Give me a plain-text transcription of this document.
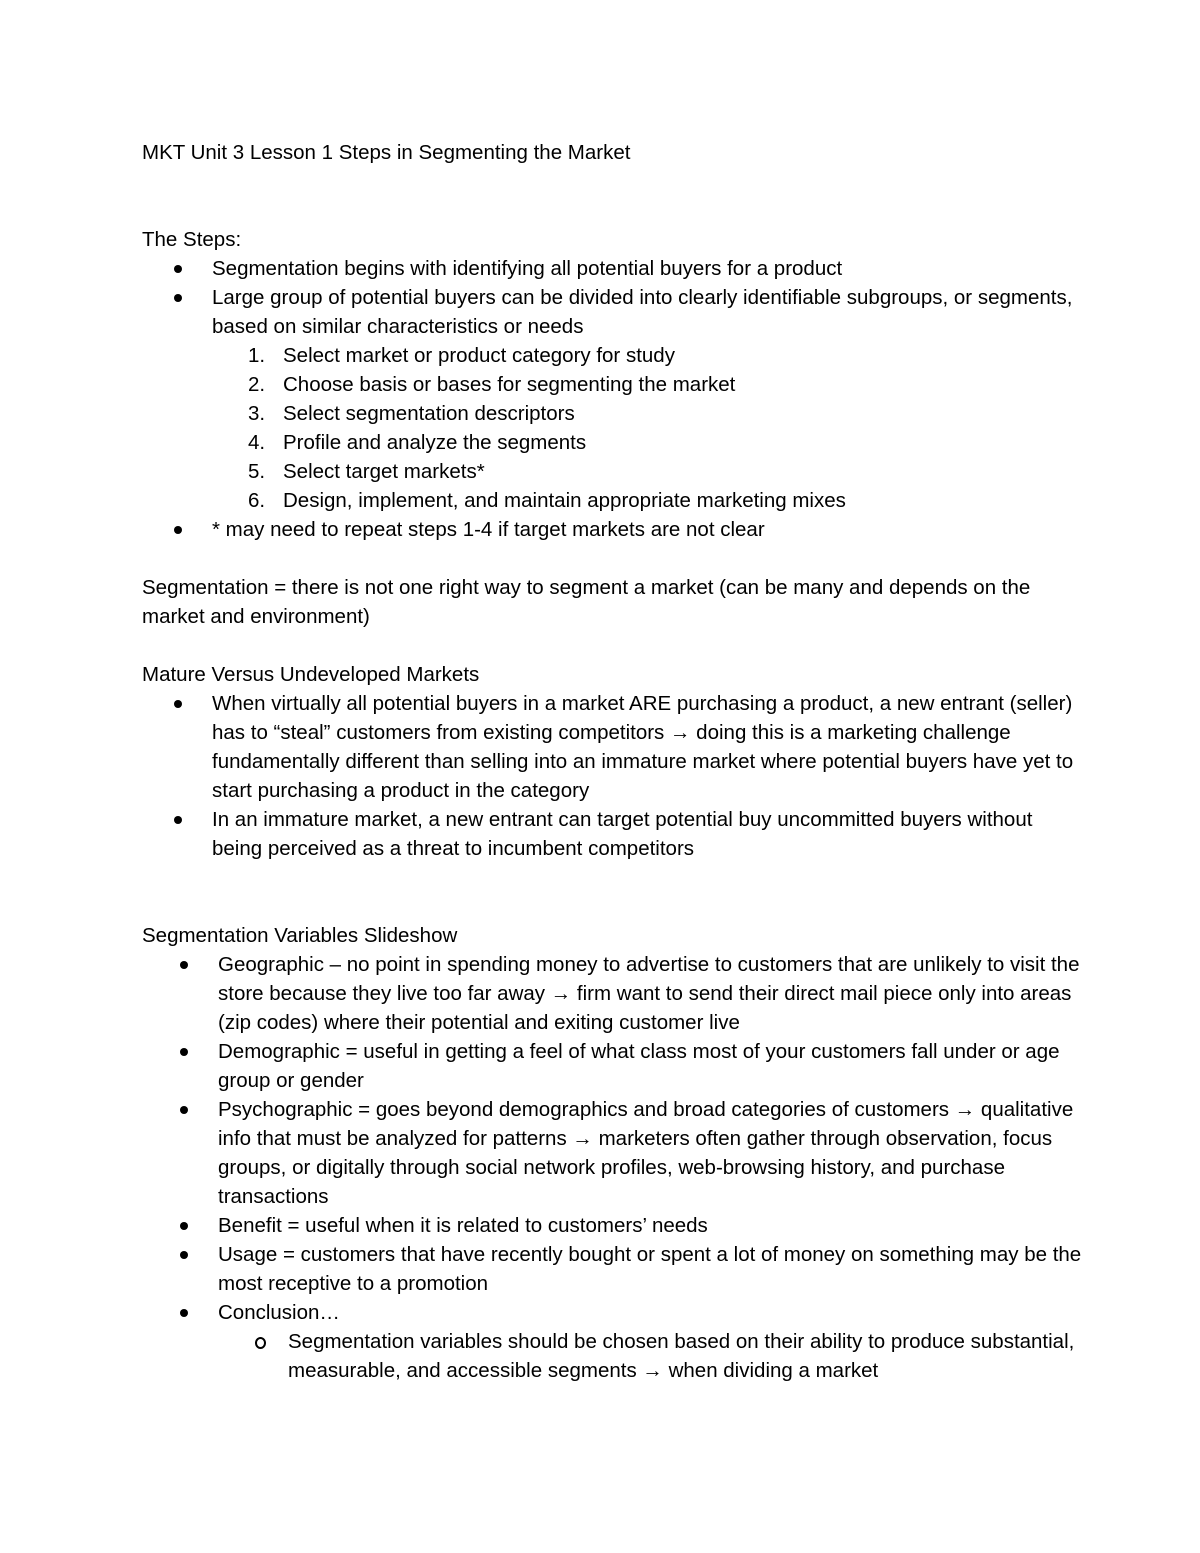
MKT Unit 3 Lesson 1 Steps in Segmenting the Market

The Steps:

Segmentation begins with identifying all potential buyers for a product
Large group of potential buyers can be divided into clearly identifiable subgroups, or segments, based on similar characteristics or needs
1. Select market or product category for study
2. Choose basis or bases for segmenting the market
3. Select segmentation descriptors
4. Profile and analyze the segments
5. Select target markets*
6. Design, implement, and maintain appropriate marketing mixes
* may need to repeat steps 1-4 if target markets are not clear

Segmentation = there is not one right way to segment a market (can be many and depends on the market and environment)

Mature Versus Undeveloped Markets

When virtually all potential buyers in a market ARE purchasing a product, a new entrant (seller) has to “steal” customers from existing competitors → doing this is a marketing challenge fundamentally different than selling into an immature market where potential buyers have yet to start purchasing a product in the category
In an immature market, a new entrant can target potential buy uncommitted buyers without being perceived as a threat to incumbent competitors

Segmentation Variables Slideshow

Geographic – no point in spending money to advertise to customers that are unlikely to visit the store because they live too far away → firm want to send their direct mail piece only into areas (zip codes) where their potential and exiting customer live
Demographic = useful in getting a feel of what class most of your customers fall under or age group or gender
Psychographic = goes beyond demographics and broad categories of customers → qualitative info that must be analyzed for patterns → marketers often gather through observation, focus groups, or digitally through social network profiles, web-browsing history, and purchase transactions
Benefit = useful when it is related to customers’ needs
Usage = customers that have recently bought or spent a lot of money on something may be the most receptive to a promotion
Conclusion…
Segmentation variables should be chosen based on their ability to produce substantial, measurable, and accessible segments → when dividing a market
